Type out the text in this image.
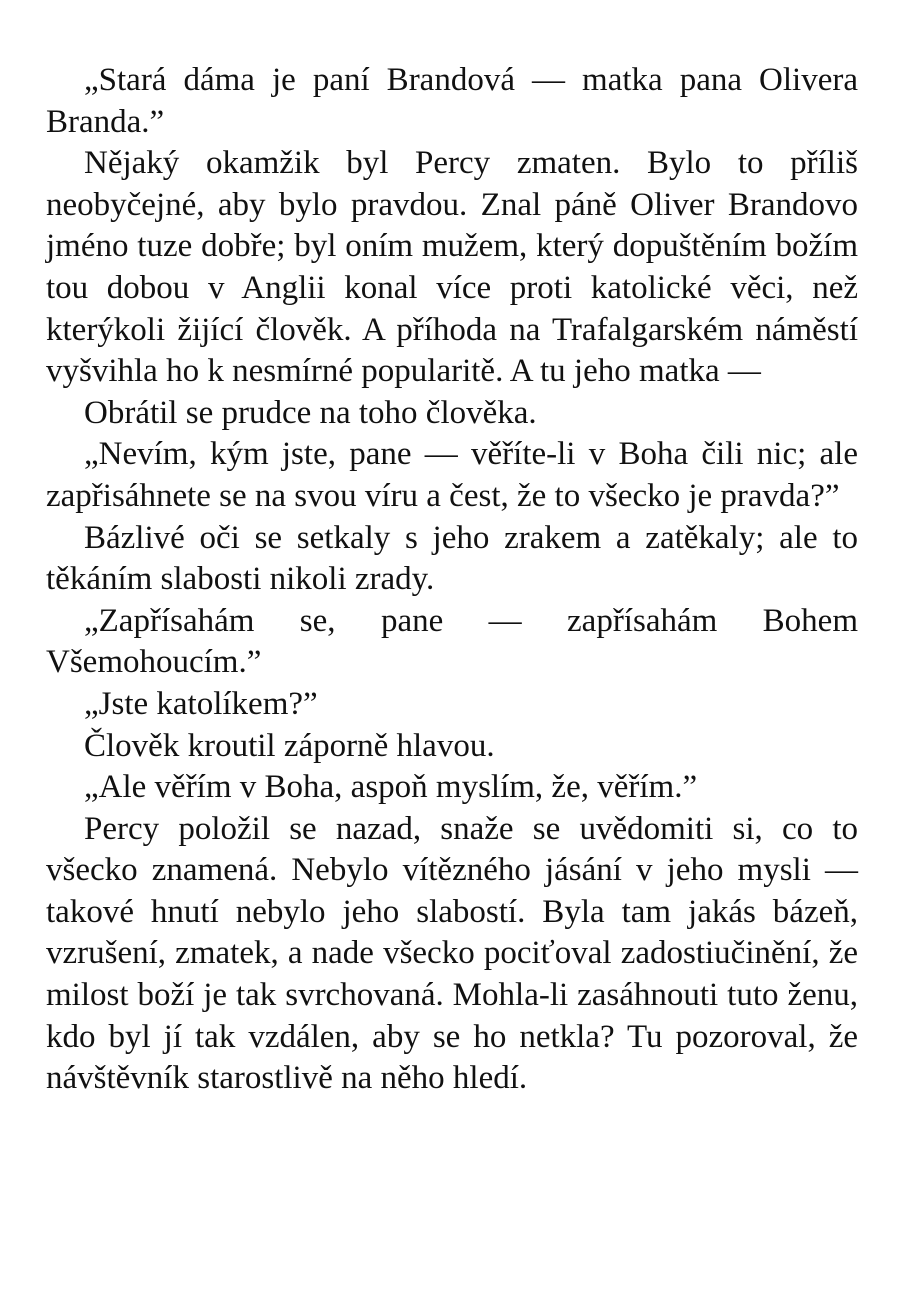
„Stará dáma je paní Brandová — matka pana Olivera Branda.”

Nějaký okamžik byl Percy zmaten. Bylo to příliš neobyčejné, aby bylo pravdou. Znal páně Oliver Brandovo jméno tuze dobře; byl oním mužem, který dopuštěním božím tou dobou v Anglii konal více proti katolické věci, než kterýkoli žijící člověk. A příhoda na Trafalgarském náměstí vyšvihla ho k nesmírné popularitě. A tu jeho matka —

Obrátil se prudce na toho člověka.

„Nevím, kým jste, pane — věříte-li v Boha čili nic; ale zapřisáhnete se na svou víru a čest, že to všecko je pravda?”

Bázlivé oči se setkaly s jeho zrakem a zatěkaly; ale to těkáním slabosti nikoli zrady.

„Zapřísahám se, pane — zapřísahám Bohem Všemohoucím.”

„Jste katolíkem?”

Člověk kroutil záporně hlavou.

„Ale věřím v Boha, aspoň myslím, že, věřím.”

Percy položil se nazad, snaže se uvědomiti si, co to všecko znamená. Nebylo vítězného jásání v jeho mysli — takové hnutí nebylo jeho slabostí. Byla tam jakás bázeň, vzrušení, zmatek, a nade všecko pociťoval zadostiučinění, že milost boží je tak svrchovaná. Mohla-li zasáhnouti tuto ženu, kdo byl jí tak vzdálen, aby se ho netkla? Tu pozoroval, že návštěvník starostlivě na něho hledí.
